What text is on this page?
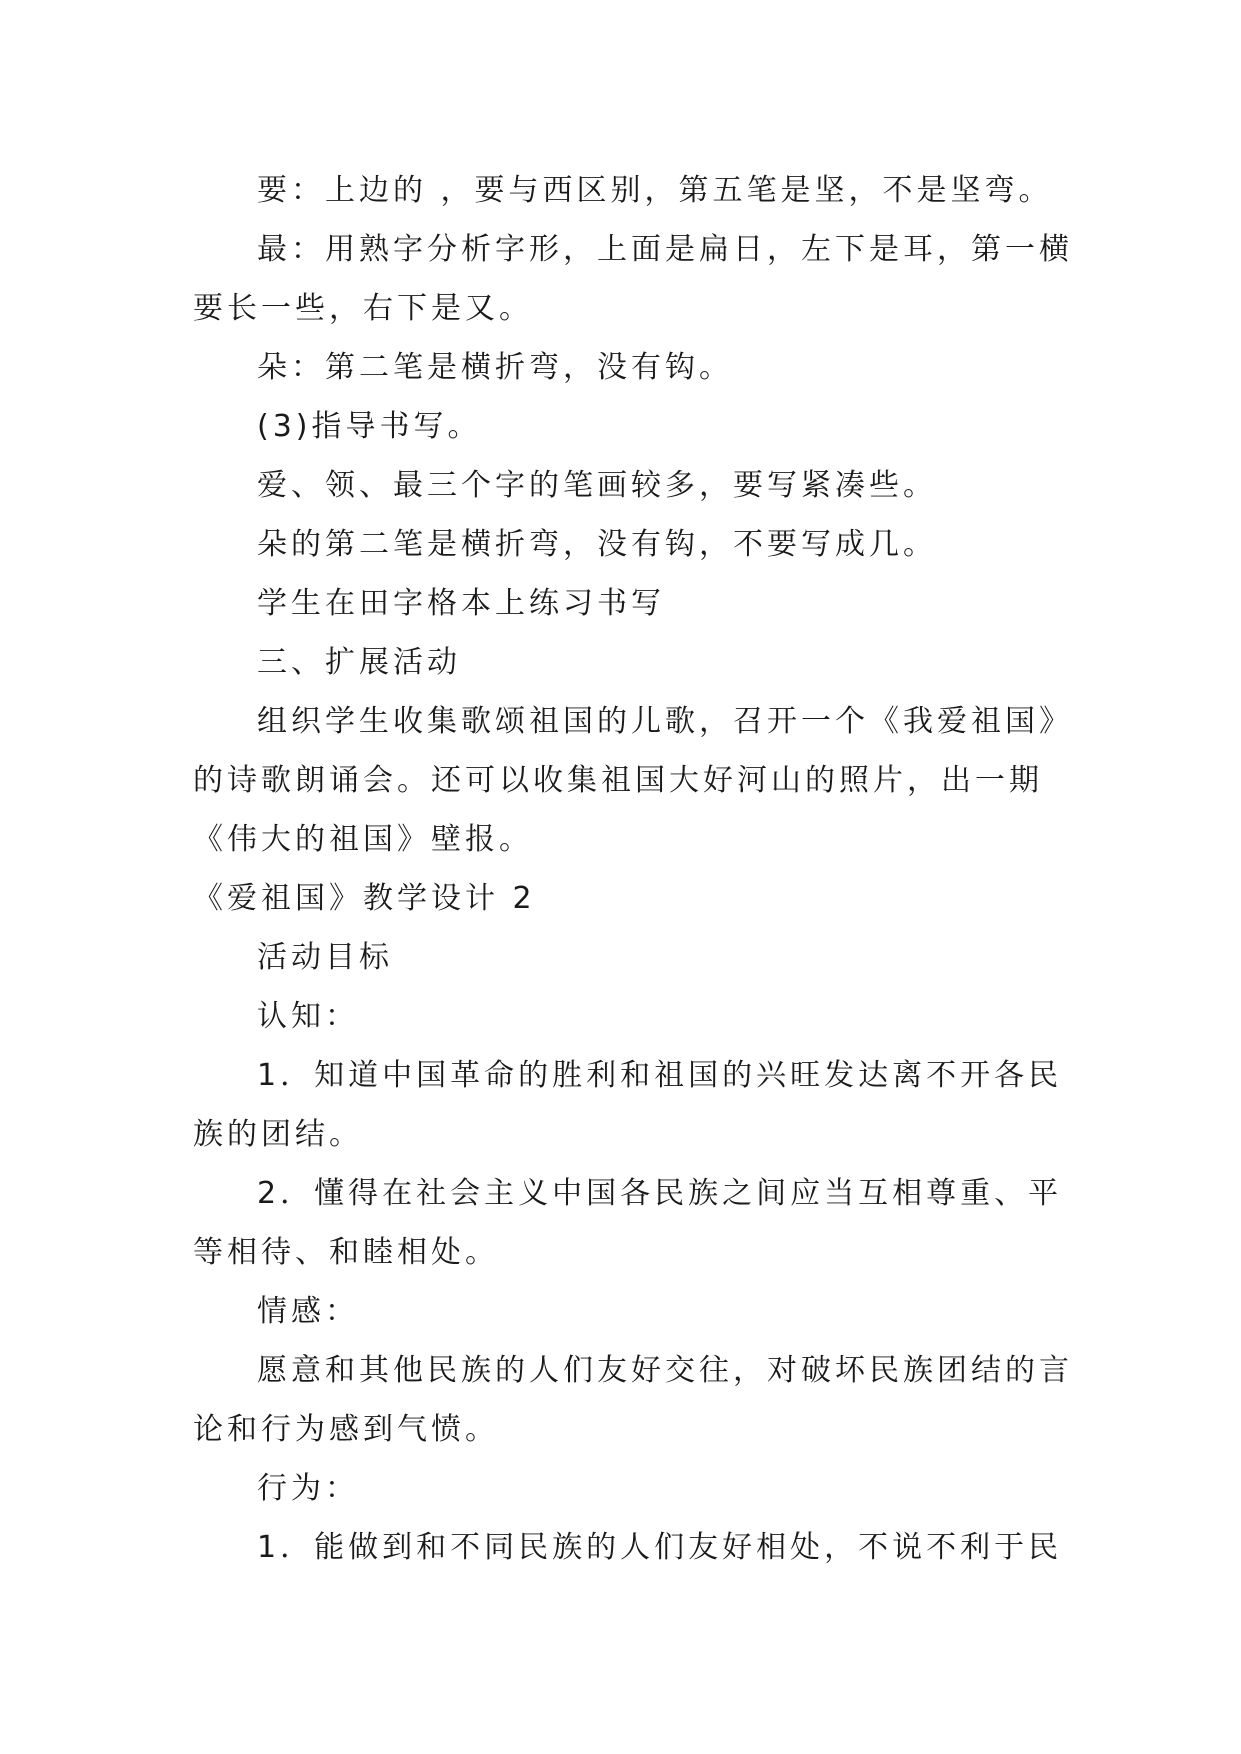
要：上边的 ，要与西区别，第五笔是坚，不是坚弯。
最：用熟字分析字形，上面是扁日，左下是耳，第一横
要长一些，右下是又。
朵：第二笔是横折弯，没有钩。
(3)指导书写。
爱、领、最三个字的笔画较多，要写紧凑些。
朵的第二笔是横折弯，没有钩，不要写成几。
学生在田字格本上练习书写
三、扩展活动
组织学生收集歌颂祖国的儿歌，召开一个《我爱祖国》
的诗歌朗诵会。还可以收集祖国大好河山的照片，出一期
《伟大的祖国》壁报。
《爱祖国》教学设计 2
活动目标
认知：
1．知道中国革命的胜利和祖国的兴旺发达离不开各民
族的团结。
2．懂得在社会主义中国各民族之间应当互相尊重、平
等相待、和睦相处。
情感：
愿意和其他民族的人们友好交往，对破坏民族团结的言
论和行为感到气愤。
行为：
1．能做到和不同民族的人们友好相处，不说不利于民
